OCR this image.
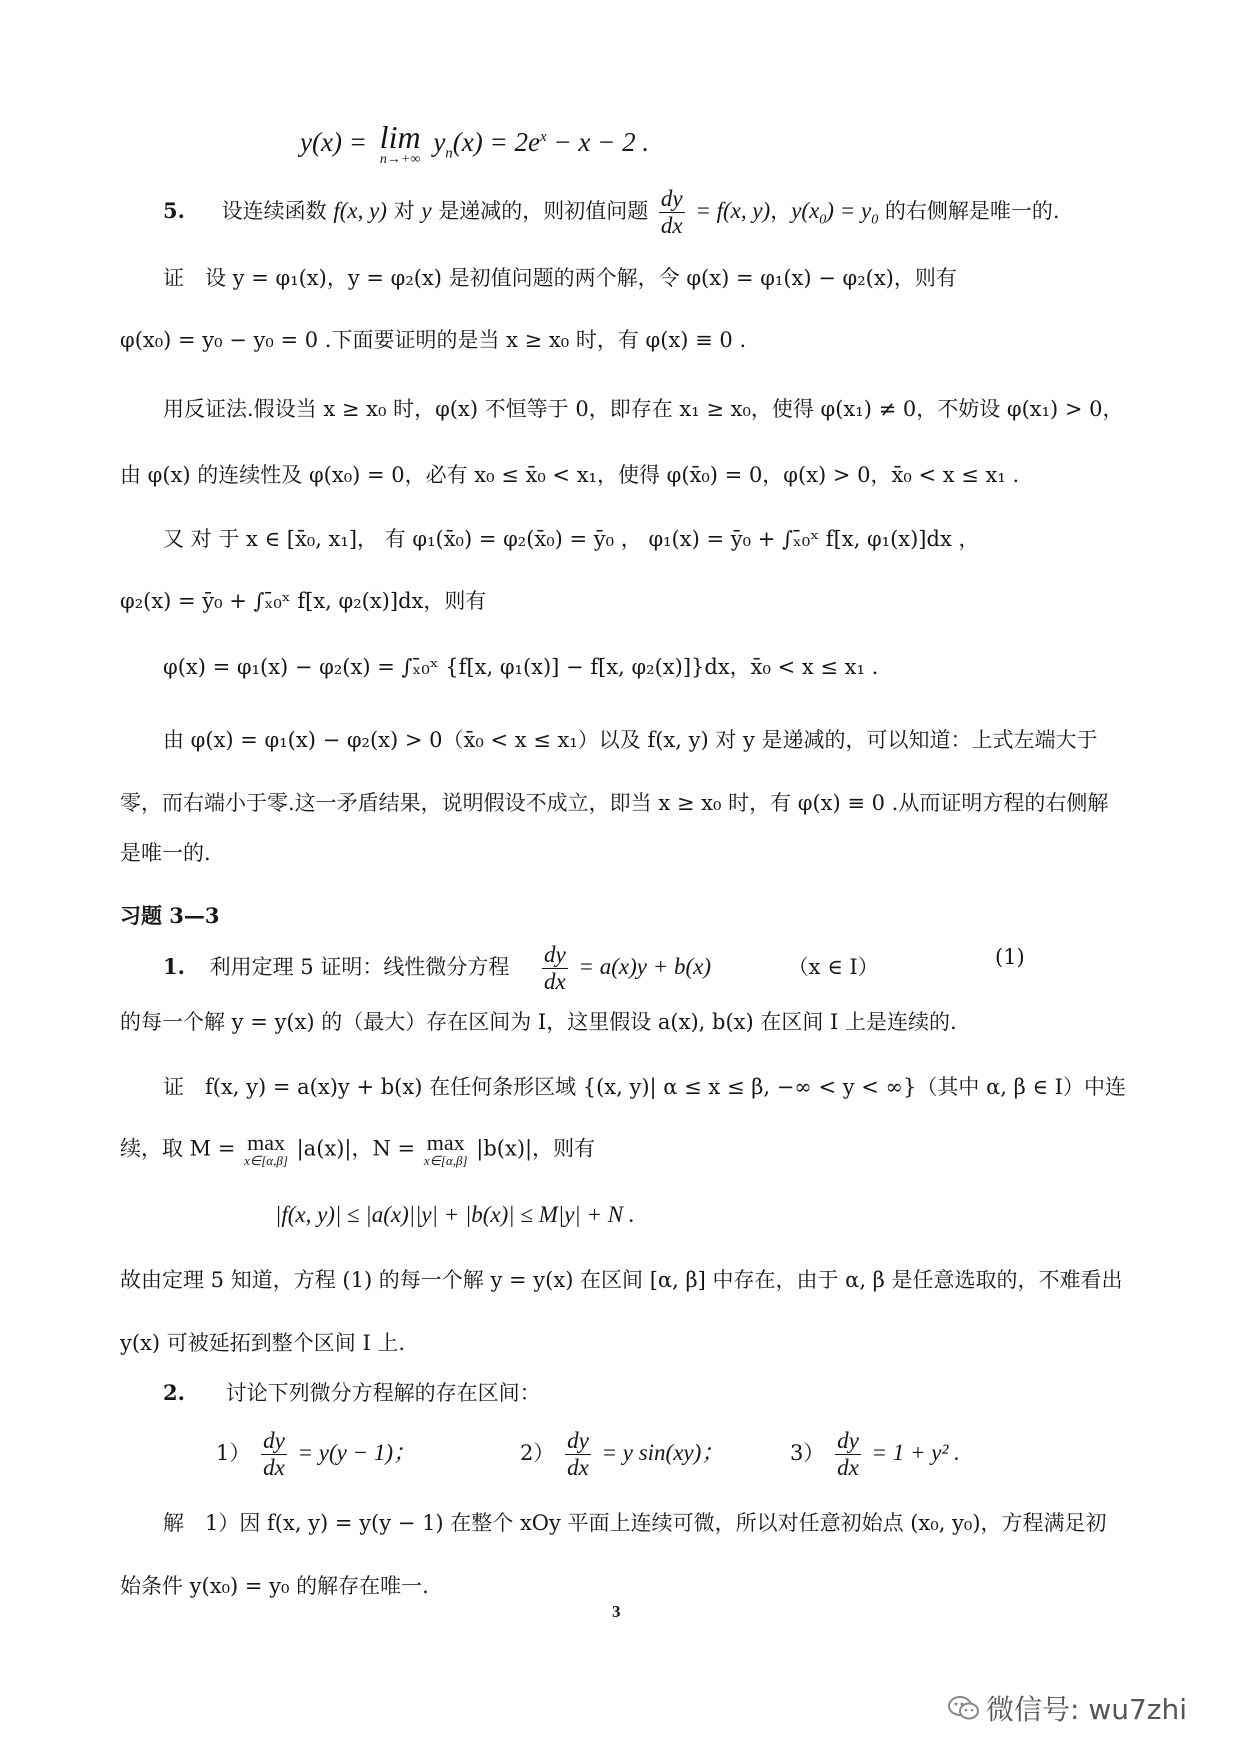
y(x) = lim
n→+∞
$y_n(x) = 2e^x - x - 2$ .
5. 设连续函数 f(x, y) 对 y 是递减的，则初值问题 $\frac{dy}{dx} = f(x$, y)，$y(x_0) = y_0$ 的右侧解是唯一的.
证　设 y = φ₁(x)，y = φ₂(x) 是初值问题的两个解，令 φ(x) = φ₁(x) − φ₂(x)，则有
φ(x₀) = y₀ − y₀ = 0 .下面要证明的是当 x ≥ x₀ 时，有 φ(x) ≡ 0 .
用反证法.假设当 x ≥ x₀ 时，φ(x) 不恒等于 0，即存在 x₁ ≥ x₀，使得 φ(x₁) ≠ 0，不妨设 φ(x₁) > 0，
由 φ(x) 的连续性及 φ(x₀) = 0，必有 x₀ ≤ x̄₀ < x₁，使得 φ(x̄₀) = 0，φ(x) > 0，x̄₀ < x ≤ x₁ .
又 对 于 x ∈ [x̄₀, x₁]， 有 φ₁(x̄₀) = φ₂(x̄₀) = ȳ₀ ， φ₁(x) = ȳ₀ + ∫ₓ̄₀ˣ f[x, φ₁(x)]dx ，
φ₂(x) = ȳ₀ + ∫ₓ̄₀ˣ f[x, φ₂(x)]dx，则有
φ(x) = φ₁(x) − φ₂(x) = ∫ₓ̄₀ˣ {f[x, φ₁(x)] − f[x, φ₂(x)]}dx，x̄₀ < x ≤ x₁ .
由 φ(x) = φ₁(x) − φ₂(x) > 0（x̄₀ < x ≤ x₁）以及 f(x, y) 对 y 是递减的，可以知道：上式左端大于
零，而右端小于零.这一矛盾结果，说明假设不成立，即当 x ≥ x₀ 时，有 φ(x) ≡ 0 .从而证明方程的右侧解
是唯一的.
习题 3—3
1. 利用定理 5 证明：线性微分方程 $\frac{dy}{dx} = a(x)y + b(x)$	（x ∈ I）	(1)
的每一个解 y = y(x) 的（最大）存在区间为 I，这里假设 a(x), b(x) 在区间 I 上是连续的.
证　f(x, y) = a(x)y + b(x) 在任何条形区域 {(x, y)| α ≤ x ≤ β, −∞ < y < ∞}（其中 α, β ∈ I）中连
续，取 M = max
x∈[α,β] |a(x)|，N = max
x∈[α,β] |b(x)|，则有
|f(x, y)| ≤ |a(x)||y| + |b(x)| ≤ M|y| + N .
故由定理 5 知道，方程 (1) 的每一个解 y = y(x) 在区间 [α, β] 中存在，由于 α, β 是任意选取的，不难看出
y(x) 可被延拓到整个区间 I 上.
2. 讨论下列微分方程解的存在区间：
$1) \frac{dy}{dx} = y(y - 1)$；	$2) \frac{dy}{dx} = y$ sin(xy)；	$3) \frac{dy}{dx} = 1 + y^2$ .
解　1）因 f(x, y) = y(y − 1) 在整个 xOy 平面上连续可微，所以对任意初始点 (x₀, y₀)，方程满足初
始条件 y(x₀) = y₀ 的解存在唯一.
3
微信号: wu7zhi
